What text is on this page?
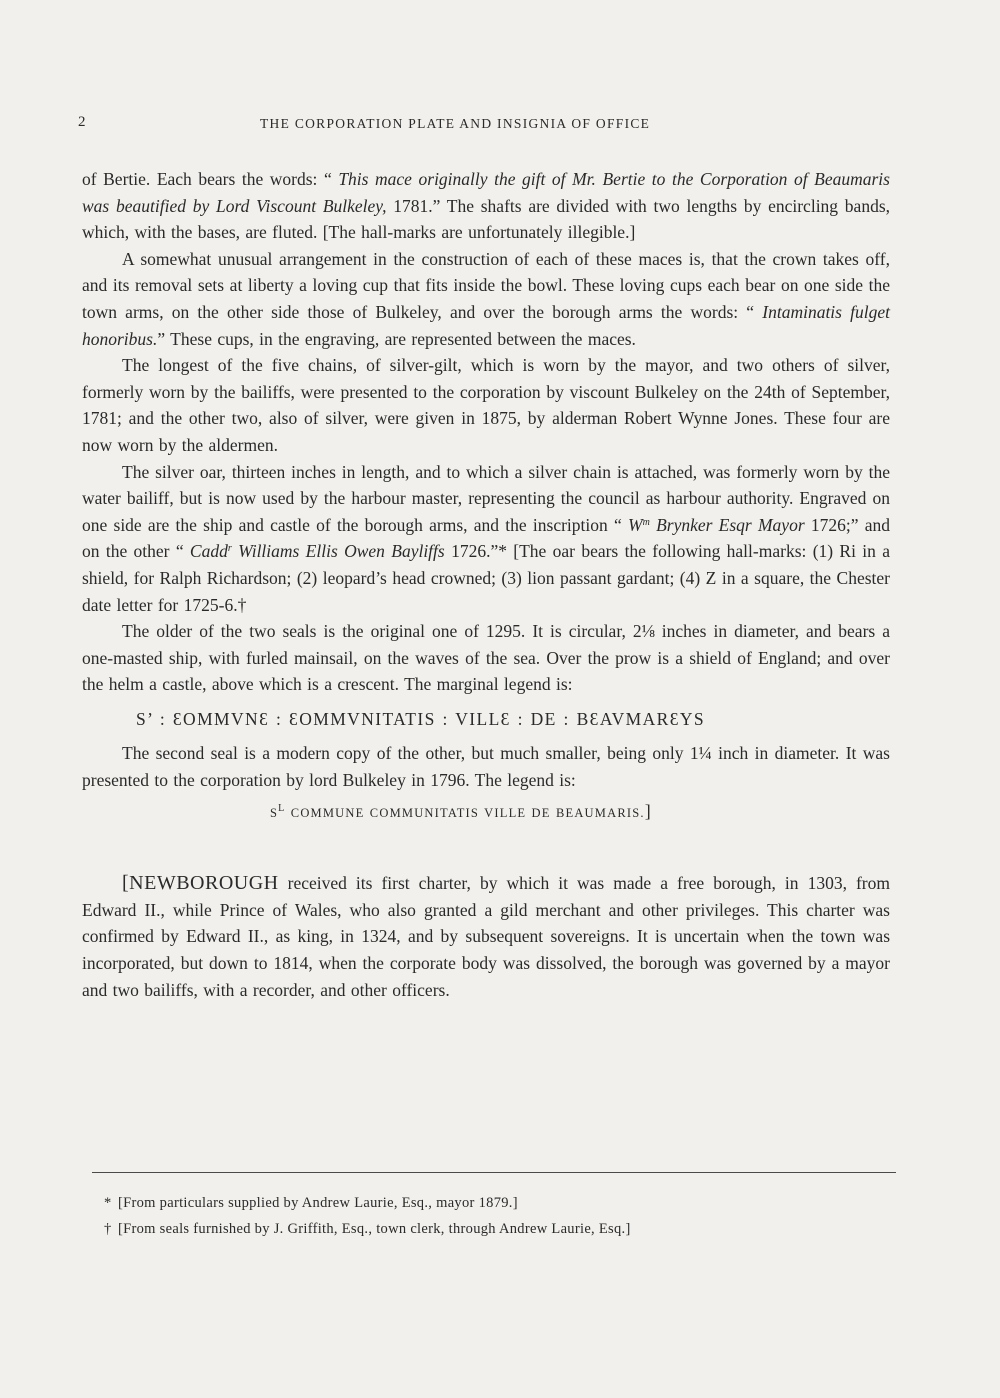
2	THE CORPORATION PLATE AND INSIGNIA OF OFFICE

of Bertie. Each bears the words: “ This mace originally the gift of Mr. Bertie to the Corporation of Beaumaris was beautified by Lord Viscount Bulkeley, 1781.” The shafts are divided with two lengths by encircling bands, which, with the bases, are fluted. [The hall-marks are unfortunately illegible.]

A somewhat unusual arrangement in the construction of each of these maces is, that the crown takes off, and its removal sets at liberty a loving cup that fits inside the bowl. These loving cups each bear on one side the town arms, on the other side those of Bulkeley, and over the borough arms the words: “ Intaminatis fulget honoribus.” These cups, in the engraving, are represented between the maces.

The longest of the five chains, of silver-gilt, which is worn by the mayor, and two others of silver, formerly worn by the bailiffs, were presented to the corporation by viscount Bulkeley on the 24th of September, 1781; and the other two, also of silver, were given in 1875, by alderman Robert Wynne Jones. These four are now worn by the aldermen.

The silver oar, thirteen inches in length, and to which a silver chain is attached, was formerly worn by the water bailiff, but is now used by the harbour master, representing the council as harbour authority. Engraved on one side are the ship and castle of the borough arms, and the inscription “ $W^m$ Brynker Esqr Mayor 1726;” and on the other “ Cadd$^r$ Williams Ellis Owen Bayliffs 1726.”* [The oar bears the following hall-marks: (1) Ri in a shield, for Ralph Richardson; (2) leopard’s head crowned; (3) lion passant gardant; (4) Z in a square, the Chester date letter for 1725-6.†

The older of the two seals is the original one of 1295. It is circular, 2⅛ inches in diameter, and bears a one-masted ship, with furled mainsail, on the waves of the sea. Over the prow is a shield of England; and over the helm a castle, above which is a crescent. The marginal legend is:

S’ : ƐOMMVNƐ : ƐOMMVNITATIS : VILLƐ : DE : BƐAVMARƐYS

The second seal is a modern copy of the other, but much smaller, being only 1¼ inch in diameter. It was presented to the corporation by lord Bulkeley in 1796. The legend is:

$S^L$ COMMUNE COMMUNITATIS VILLE DE BEAUMARIS.]

[NEWBOROUGH received its first charter, by which it was made a free borough, in 1303, from Edward II., while Prince of Wales, who also granted a gild merchant and other privileges. This charter was confirmed by Edward II., as king, in 1324, and by subsequent sovereigns. It is uncertain when the town was incorporated, but down to 1814, when the corporate body was dissolved, the borough was governed by a mayor and two bailiffs, with a recorder, and other officers.

* [From particulars supplied by Andrew Laurie, Esq., mayor 1879.]

† [From seals furnished by J. Griffith, Esq., town clerk, through Andrew Laurie, Esq.]
